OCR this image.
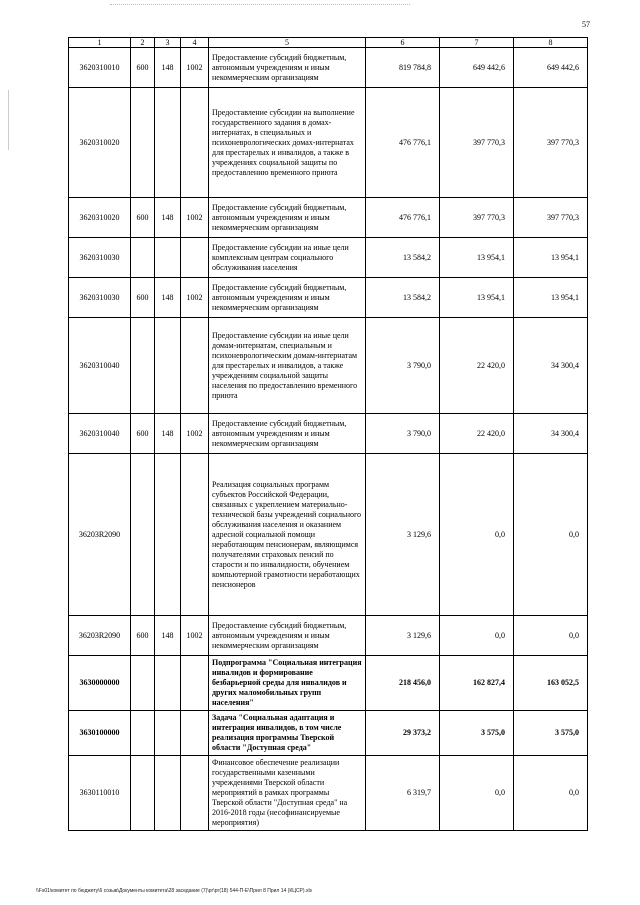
57
1	2	3	4	5	6	7	8
3620310010	600	148	1002	Предоставление субсидий бюджетным, автономным учреждениям и иным некоммерческим организациям	819 784,8	649 442,6	649 442,6
3620310020				Предоставление субсидии на выполнение государственного задания в домах-интернатах, в специальных и психоневрологических домах-интернатах для престарелых и инвалидов, а также в учреждениях социальной защиты по предоставлению временного приюта	476 776,1	397 770,3	397 770,3
3620310020	600	148	1002	Предоставление субсидий бюджетным, автономным учреждениям и иным некоммерческим организациям	476 776,1	397 770,3	397 770,3
3620310030				Предоставление субсидии на иные цели комплексным центрам социального обслуживания населения	13 584,2	13 954,1	13 954,1
3620310030	600	148	1002	Предоставление субсидий бюджетным, автономным учреждениям и иным некоммерческим организациям	13 584,2	13 954,1	13 954,1
3620310040				Предоставление субсидии на иные цели домам-интернатам, специальным и психоневрологическим домам-интернатам для престарелых и инвалидов, а также учреждениям социальной защиты населения по предоставлению временного приюта	3 790,0	22 420,0	34 300,4
3620310040	600	148	1002	Предоставление субсидий бюджетным, автономным учреждениям и иным некоммерческим организациям	3 790,0	22 420,0	34 300,4
36203R2090				Реализация социальных программ субъектов Российской Федерации, связанных с укреплением материально-технической базы учреждений социального обслуживания населения и оказанием адресной социальной помощи неработающим пенсионерам, являющимся получателями страховых пенсий по старости и по инвалидности, обучением компьютерной грамотности неработающих пенсионеров	3 129,6	0,0	0,0
36203R2090	600	148	1002	Предоставление субсидий бюджетным, автономным учреждениям и иным некоммерческим организациям	3 129,6	0,0	0,0
3630000000				Подпрограмма "Социальная интеграция инвалидов и формирование безбарьерной среды для инвалидов и других маломобильных групп населения"	218 456,0	162 827,4	163 052,5
3630100000				Задача "Социальная адаптация и интеграция инвалидов, в том числе реализация программы Тверской области "Доступная среда"	29 373,2	3 575,0	3 575,0
3630110010				Финансовое обеспечение реализации государственными казенными учреждениями Тверской области мероприятий в рамках программы Тверской области "Доступная среда" на 2016-2018 годы (несофинансируемые мероприятия)	6 319,7	0,0	0,0
\\Fs01\комитет по бюджету\6 созыв\Документы комитета\28 заседание (7)\рг\рг(18) 544-П-Е\Прил 8 Прил 14 (КЦСР).xls
